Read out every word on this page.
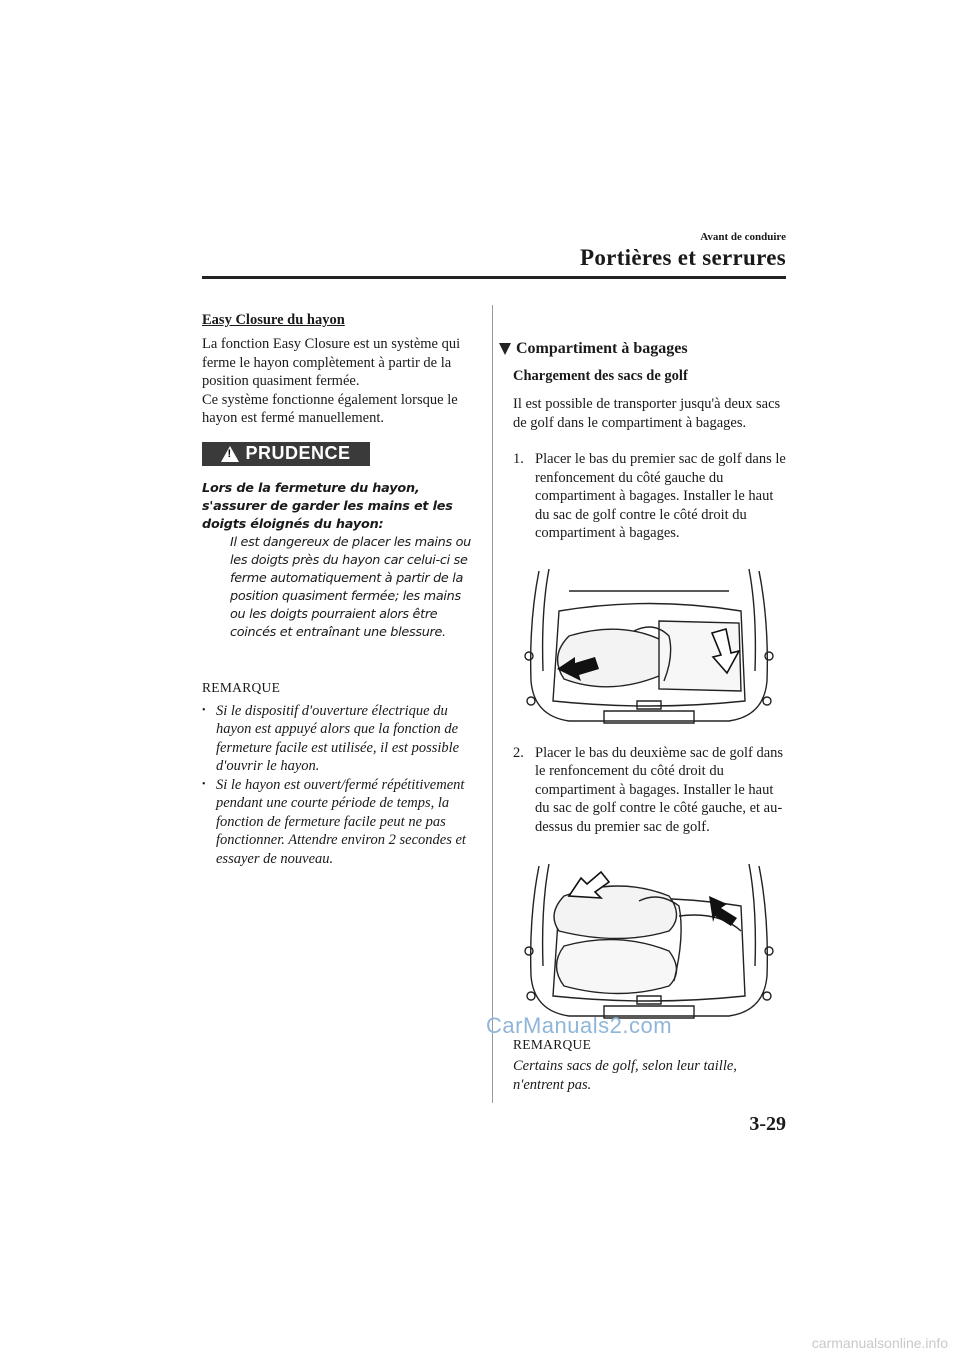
Avant de conduire
Portières et serrures

Easy Closure du hayon

La fonction Easy Closure est un système qui ferme le hayon complètement à partir de la position quasiment fermée.

Ce système fonctionne également lorsque le hayon est fermé manuellement.

! PRUDENCE

Lors de la fermeture du hayon, s'assurer de garder les mains et les doigts éloignés du hayon:

Il est dangereux de placer les mains ou les doigts près du hayon car celui-ci se ferme automatiquement à partir de la position quasiment fermée; les mains ou les doigts pourraient alors être coincés et entraînant une blessure.

REMARQUE

• Si le dispositif d'ouverture électrique du hayon est appuyé alors que la fonction de fermeture facile est utilisée, il est possible d'ouvrir le hayon.
• Si le hayon est ouvert/fermé répétitivement pendant une courte période de temps, la fonction de fermeture facile peut ne pas fonctionner. Attendre environ 2 secondes et essayer de nouveau.
Compartiment à bagages

Chargement des sacs de golf

Il est possible de transporter jusqu'à deux sacs de golf dans le compartiment à bagages.

1. Placer le bas du premier sac de golf dans le renfoncement du côté gauche du compartiment à bagages. Installer le haut du sac de golf contre le côté droit du compartiment à bagages.

2. Placer le bas du deuxième sac de golf dans le renfoncement du côté droit du compartiment à bagages. Installer le haut du sac de golf contre le côté gauche, et au-dessus du premier sac de golf.

REMARQUE

Certains sacs de golf, selon leur taille, n'entrent pas.

CarManuals2.com
3-29
carmanualsonline.info
